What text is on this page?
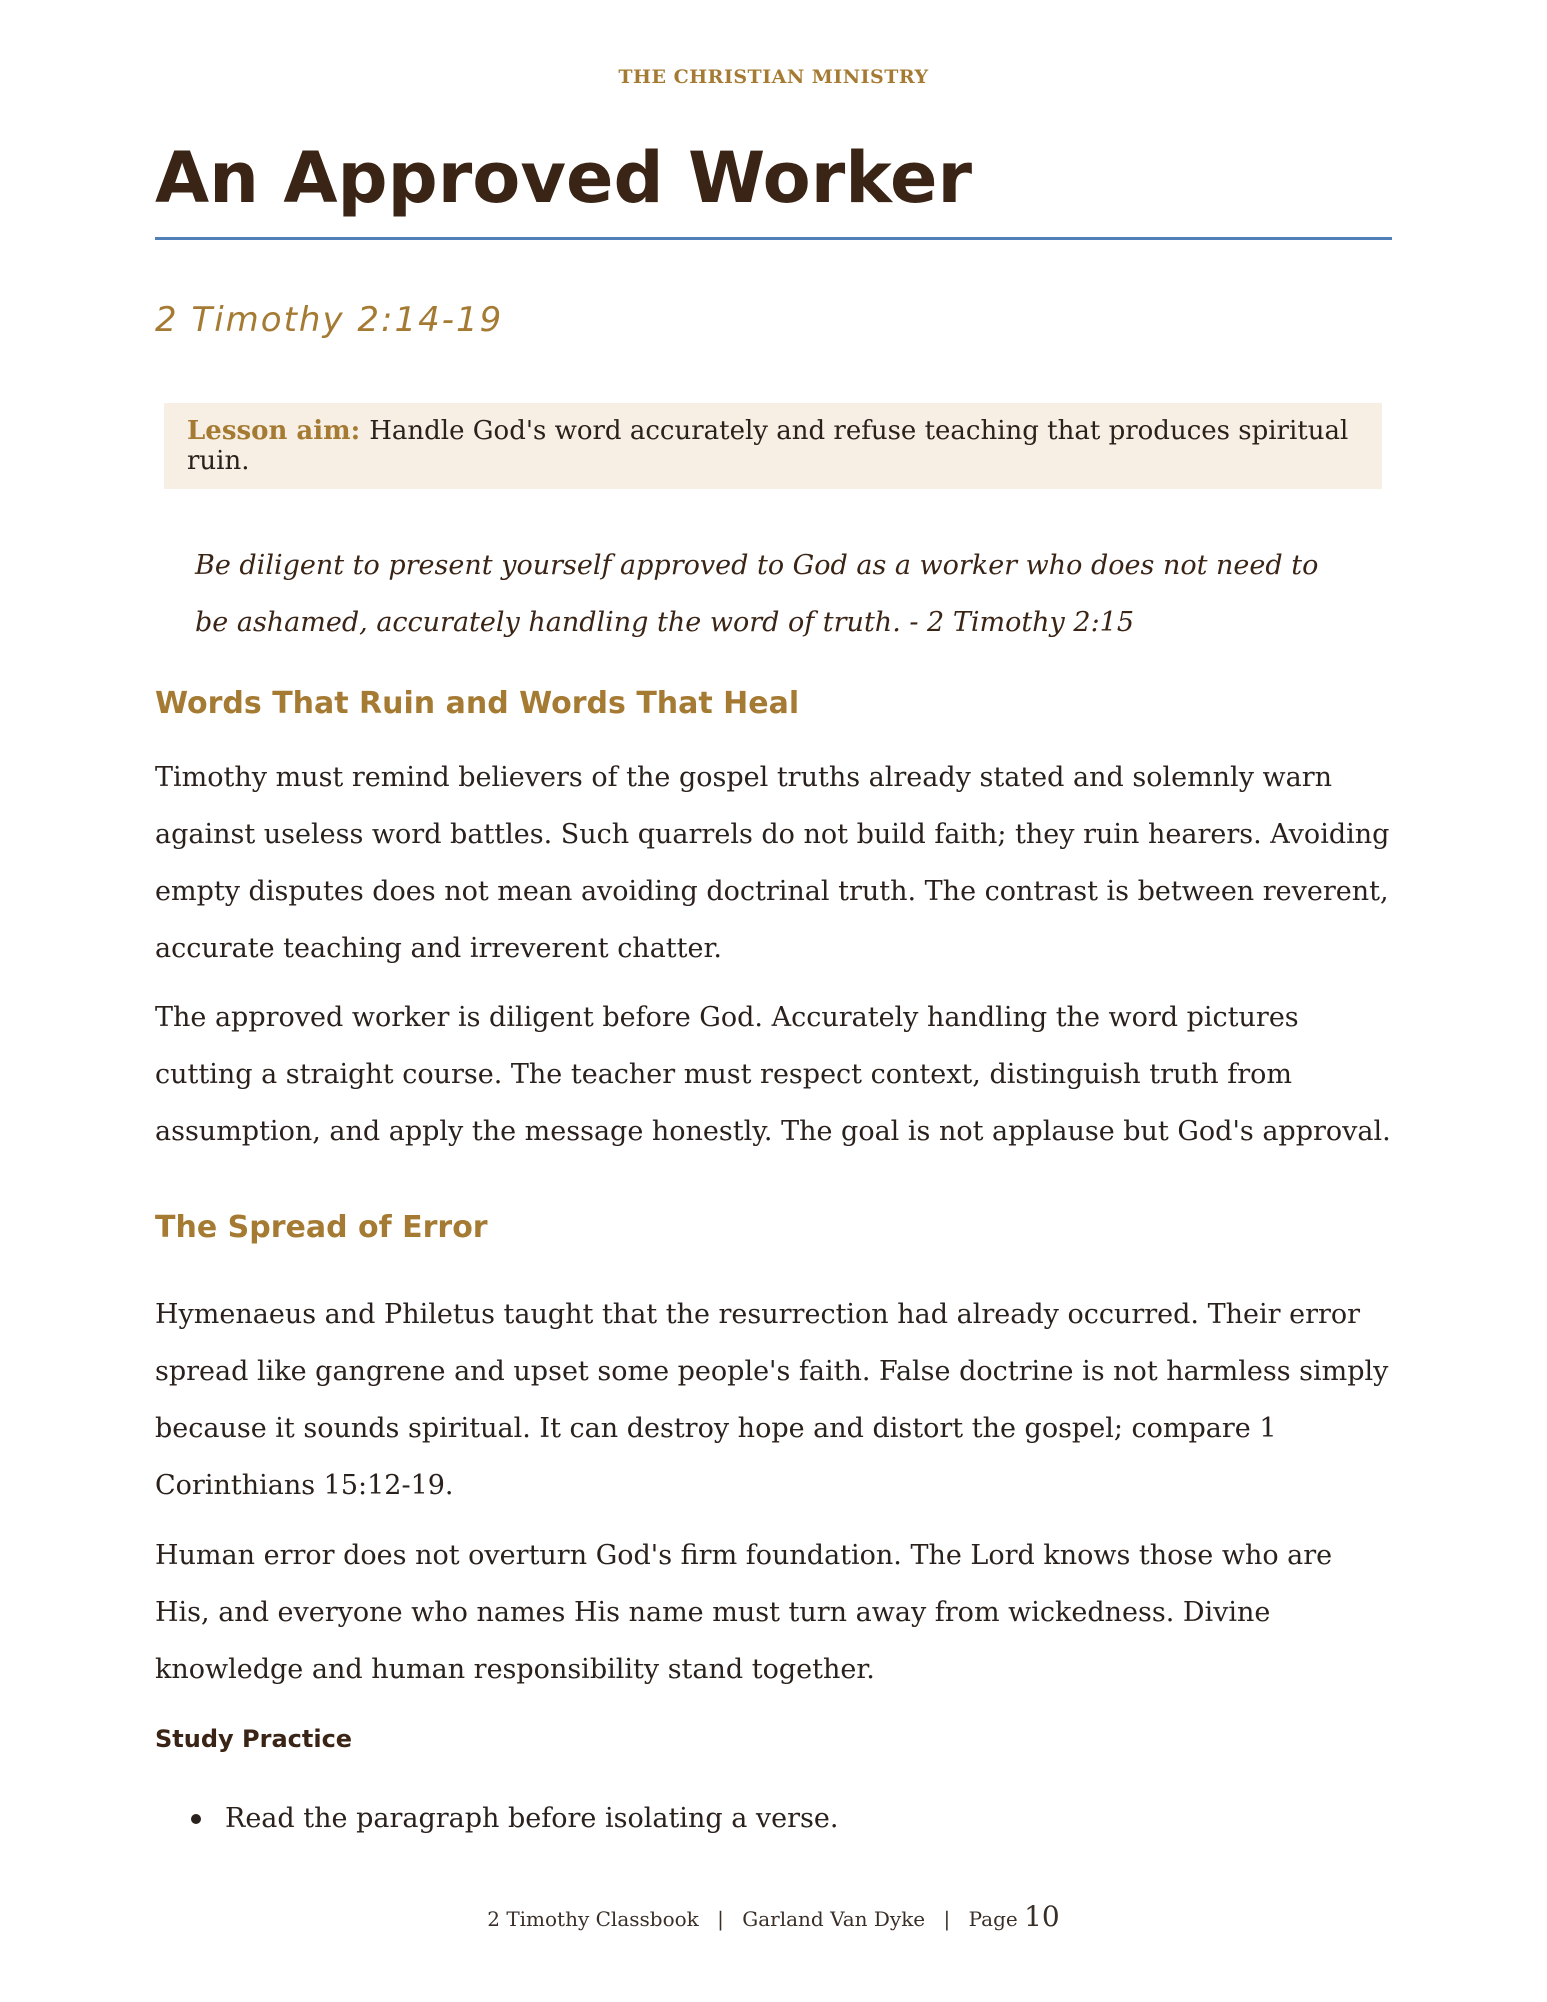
THE CHRISTIAN MINISTRY
An Approved Worker
2 Timothy 2:14-19
Lesson aim: Handle God's word accurately and refuse teaching that produces spiritual ruin.

Be diligent to present yourself approved to God as a worker who does not need to be ashamed, accurately handling the word of truth. - 2 Timothy 2:15

Words That Ruin and Words That Heal

Timothy must remind believers of the gospel truths already stated and solemnly warn against useless word battles. Such quarrels do not build faith; they ruin hearers. Avoiding empty disputes does not mean avoiding doctrinal truth. The contrast is between reverent, accurate teaching and irreverent chatter.

The approved worker is diligent before God. Accurately handling the word pictures cutting a straight course. The teacher must respect context, distinguish truth from assumption, and apply the message honestly. The goal is not applause but God's approval.

The Spread of Error

Hymenaeus and Philetus taught that the resurrection had already occurred. Their error spread like gangrene and upset some people's faith. False doctrine is not harmless simply because it sounds spiritual. It can destroy hope and distort the gospel; compare 1 Corinthians 15:12-19.

Human error does not overturn God's firm foundation. The Lord knows those who are His, and everyone who names His name must turn away from wickedness. Divine knowledge and human responsibility stand together.

Study Practice
Read the paragraph before isolating a verse.
2 Timothy Classbook | Garland Van Dyke | Page 10
